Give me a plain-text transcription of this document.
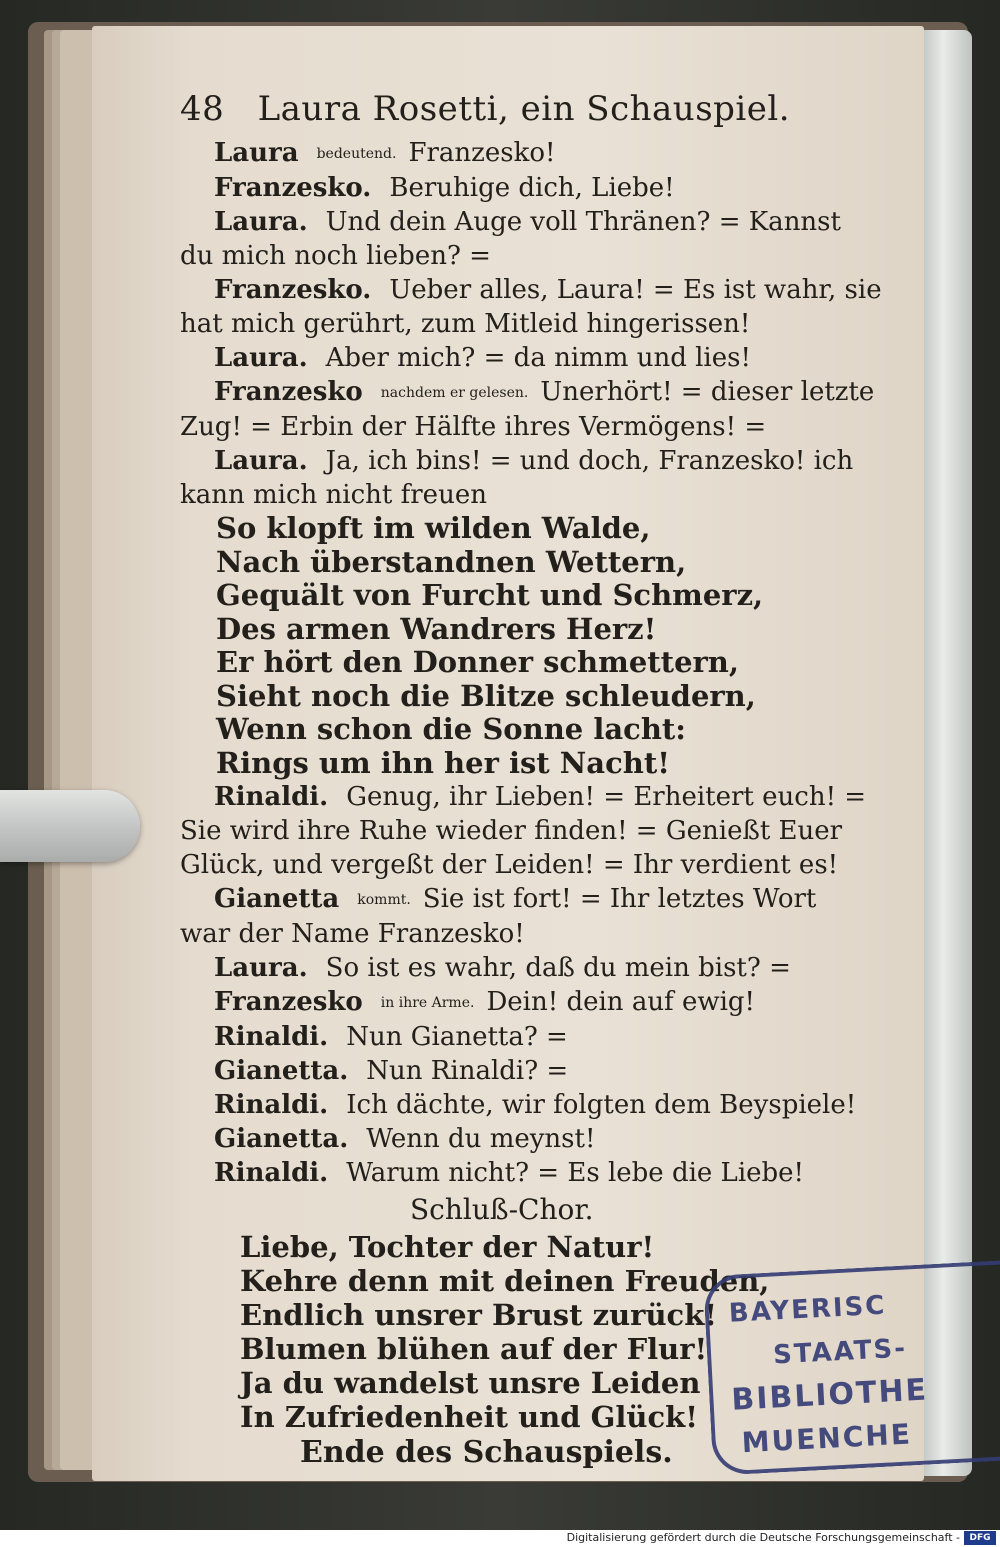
48 Laura Rosetti, ein Schauspiel.
Laura bedeutend. Franzesko!
Franzesko. Beruhige dich, Liebe!
Laura. Und dein Auge voll Thränen? = Kannst
du mich noch lieben? =
Franzesko. Ueber alles, Laura! = Es ist wahr, sie
hat mich gerührt, zum Mitleid hingerissen!
Laura. Aber mich? = da nimm und lies!
Franzesko nachdem er gelesen. Unerhört! = dieser letzte
Zug! = Erbin der Hälfte ihres Vermögens! =
Laura. Ja, ich bins! = und doch, Franzesko! ich
kann mich nicht freuen
So klopft im wilden Walde,
Nach überstandnen Wettern,
Gequält von Furcht und Schmerz,
Des armen Wandrers Herz!
Er hört den Donner schmettern,
Sieht noch die Blitze schleudern,
Wenn schon die Sonne lacht:
Rings um ihn her ist Nacht!
Rinaldi. Genug, ihr Lieben! = Erheitert euch! =
Sie wird ihre Ruhe wieder finden! = Genießt Euer
Glück, und vergeßt der Leiden! = Ihr verdient es!
Gianetta kommt. Sie ist fort! = Ihr letztes Wort
war der Name Franzesko!
Laura. So ist es wahr, daß du mein bist? =
Franzesko in ihre Arme. Dein! dein auf ewig!
Rinaldi. Nun Gianetta? =
Gianetta. Nun Rinaldi? =
Rinaldi. Ich dächte, wir folgten dem Beyspiele!
Gianetta. Wenn du meynst!
Rinaldi. Warum nicht? = Es lebe die Liebe!
Schluß-Chor.
Liebe, Tochter der Natur!
Kehre denn mit deinen Freuden,
Endlich unsrer Brust zurück!
Blumen blühen auf der Flur!
Ja du wandelst unsre Leiden
In Zufriedenheit und Glück!
Ende des Schauspiels.
BAYERISC
STAATS-
BIBLIOTHE
MUENCHE
Digitalisierung gefördert durch die Deutsche Forschungsgemeinschaft -	DFG
